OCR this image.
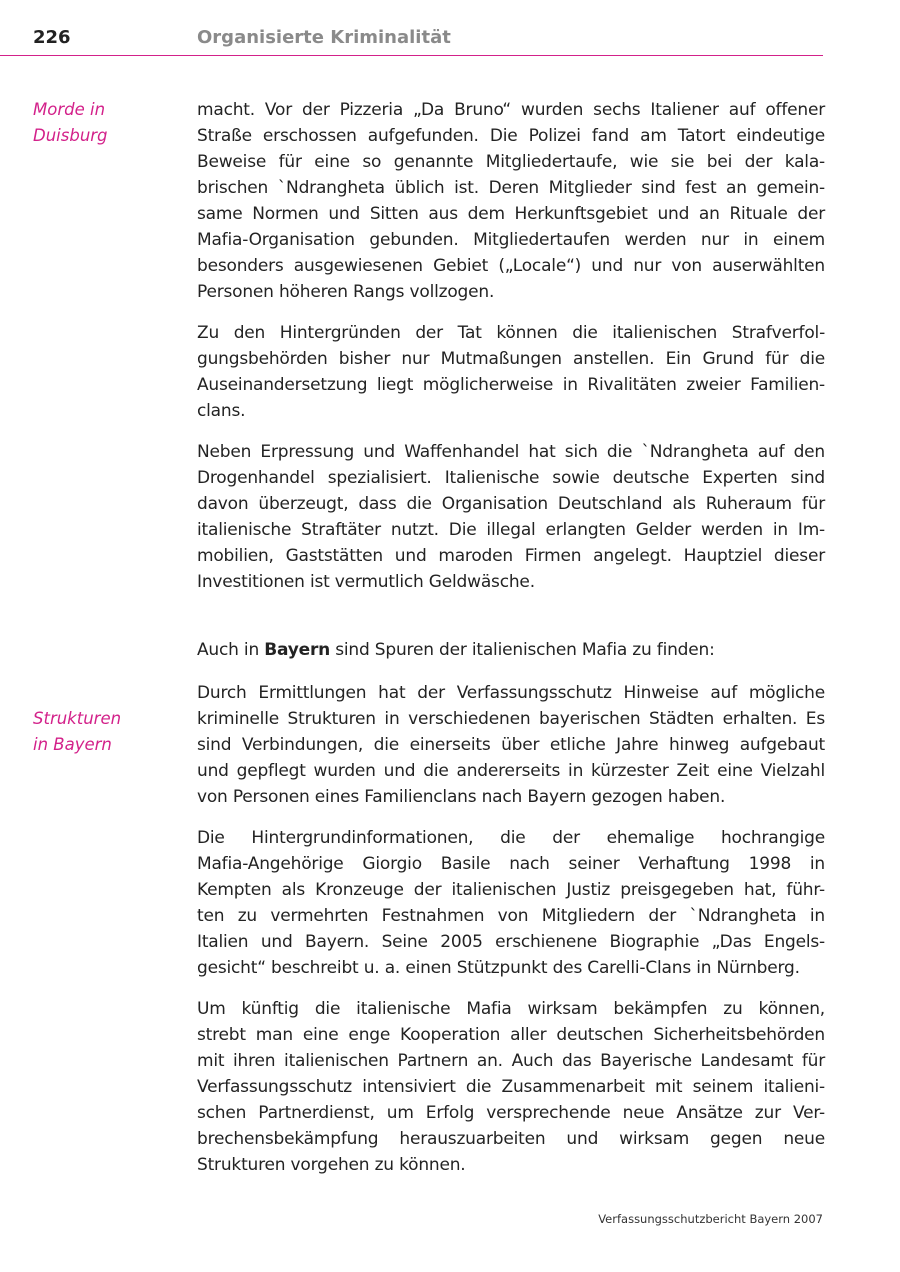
226	Organisierte Kriminalität
Morde in
Duisburg
Strukturen
in Bayern
macht. Vor der Pizzeria „Da Bruno“ wurden sechs Italiener auf offener
Straße erschossen aufgefunden. Die Polizei fand am Tatort eindeutige
Beweise für eine so genannte Mitgliedertaufe, wie sie bei der kala-
brischen `Ndrangheta üblich ist. Deren Mitglieder sind fest an gemein-
same Normen und Sitten aus dem Herkunftsgebiet und an Rituale der
Mafia-Organisation gebunden. Mitgliedertaufen werden nur in einem
besonders ausgewiesenen Gebiet („Locale“) und nur von auserwählten
Personen höheren Rangs vollzogen.
Zu den Hintergründen der Tat können die italienischen Strafverfol-
gungsbehörden bisher nur Mutmaßungen anstellen. Ein Grund für die
Auseinandersetzung liegt möglicherweise in Rivalitäten zweier Familien-
clans.
Neben Erpressung und Waffenhandel hat sich die `Ndrangheta auf den
Drogenhandel spezialisiert. Italienische sowie deutsche Experten sind
davon überzeugt, dass die Organisation Deutschland als Ruheraum für
italienische Straftäter nutzt. Die illegal erlangten Gelder werden in Im-
mobilien, Gaststätten und maroden Firmen angelegt. Hauptziel dieser
Investitionen ist vermutlich Geldwäsche.
Auch in Bayern sind Spuren der italienischen Mafia zu finden:
Durch Ermittlungen hat der Verfassungsschutz Hinweise auf mögliche
kriminelle Strukturen in verschiedenen bayerischen Städten erhalten. Es
sind Verbindungen, die einerseits über etliche Jahre hinweg aufgebaut
und gepflegt wurden und die andererseits in kürzester Zeit eine Vielzahl
von Personen eines Familienclans nach Bayern gezogen haben.
Die Hintergrundinformationen, die der ehemalige hochrangige
Mafia-Angehörige Giorgio Basile nach seiner Verhaftung 1998 in
Kempten als Kronzeuge der italienischen Justiz preisgegeben hat, führ-
ten zu vermehrten Festnahmen von Mitgliedern der `Ndrangheta in
Italien und Bayern. Seine 2005 erschienene Biographie „Das Engels-
gesicht“ beschreibt u. a. einen Stützpunkt des Carelli-Clans in Nürnberg.
Um künftig die italienische Mafia wirksam bekämpfen zu können,
strebt man eine enge Kooperation aller deutschen Sicherheitsbehörden
mit ihren italienischen Partnern an. Auch das Bayerische Landesamt für
Verfassungsschutz intensiviert die Zusammenarbeit mit seinem italieni-
schen Partnerdienst, um Erfolg versprechende neue Ansätze zur Ver-
brechensbekämpfung herauszuarbeiten und wirksam gegen neue
Strukturen vorgehen zu können.
Verfassungsschutzbericht Bayern 2007
